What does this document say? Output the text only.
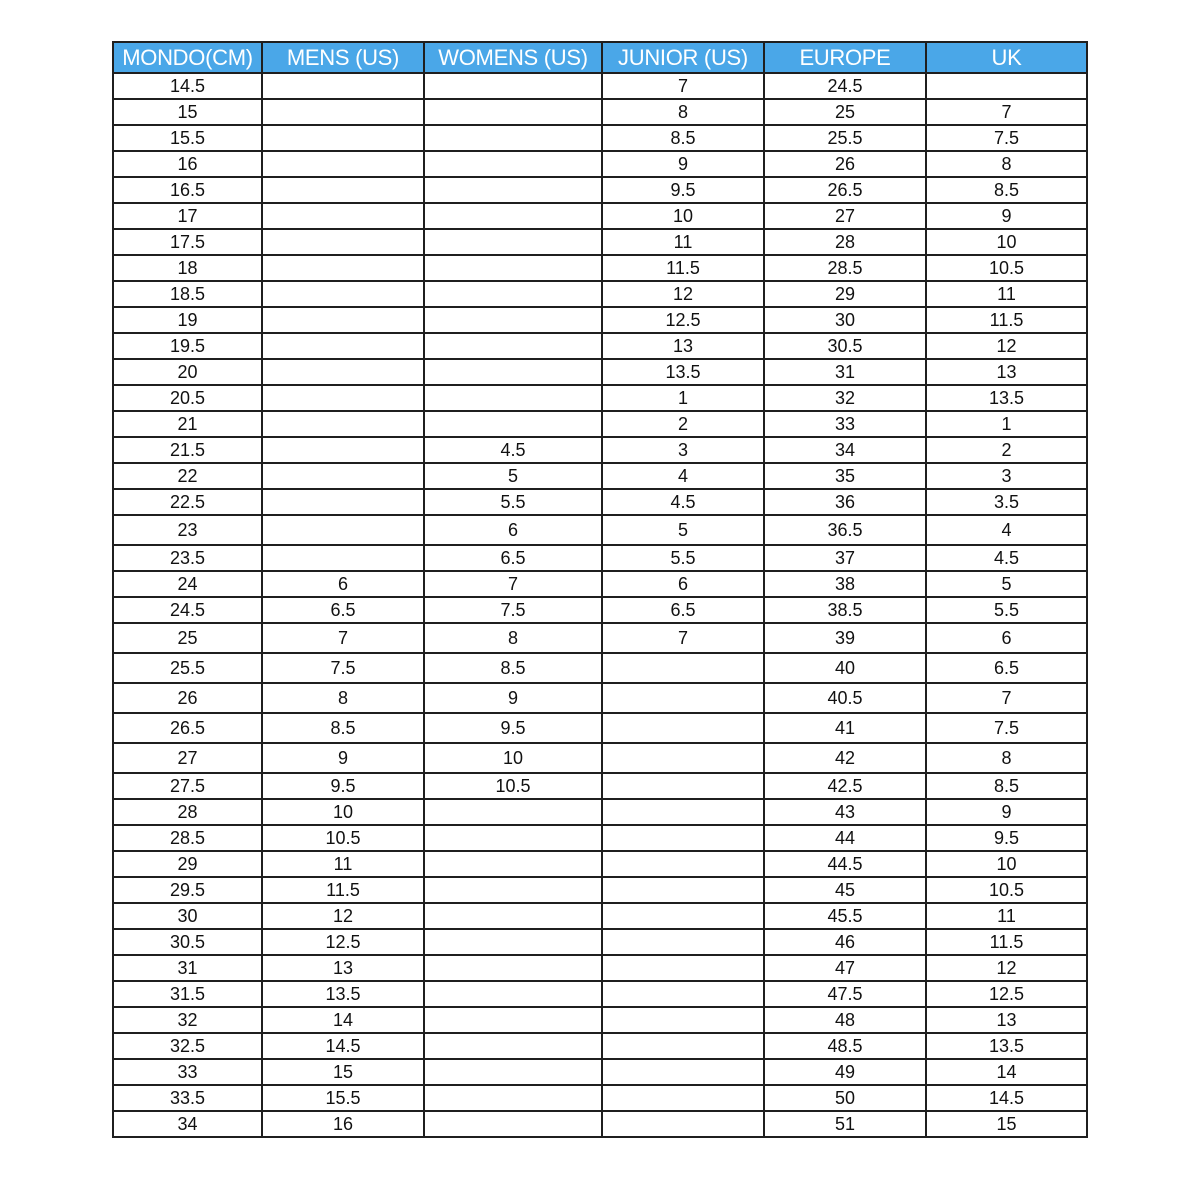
MONDO(CM)	MENS (US)	WOMENS (US)	JUNIOR (US)	EUROPE	UK
14.5			7	24.5	
15			8	25	7
15.5			8.5	25.5	7.5
16			9	26	8
16.5			9.5	26.5	8.5
17			10	27	9
17.5			11	28	10
18			11.5	28.5	10.5
18.5			12	29	11
19			12.5	30	11.5
19.5			13	30.5	12
20			13.5	31	13
20.5			1	32	13.5
21			2	33	1
21.5		4.5	3	34	2
22		5	4	35	3
22.5		5.5	4.5	36	3.5
23		6	5	36.5	4
23.5		6.5	5.5	37	4.5
24	6	7	6	38	5
24.5	6.5	7.5	6.5	38.5	5.5
25	7	8	7	39	6
25.5	7.5	8.5		40	6.5
26	8	9		40.5	7
26.5	8.5	9.5		41	7.5
27	9	10		42	8
27.5	9.5	10.5		42.5	8.5
28	10			43	9
28.5	10.5			44	9.5
29	11			44.5	10
29.5	11.5			45	10.5
30	12			45.5	11
30.5	12.5			46	11.5
31	13			47	12
31.5	13.5			47.5	12.5
32	14			48	13
32.5	14.5			48.5	13.5
33	15			49	14
33.5	15.5			50	14.5
34	16			51	15
